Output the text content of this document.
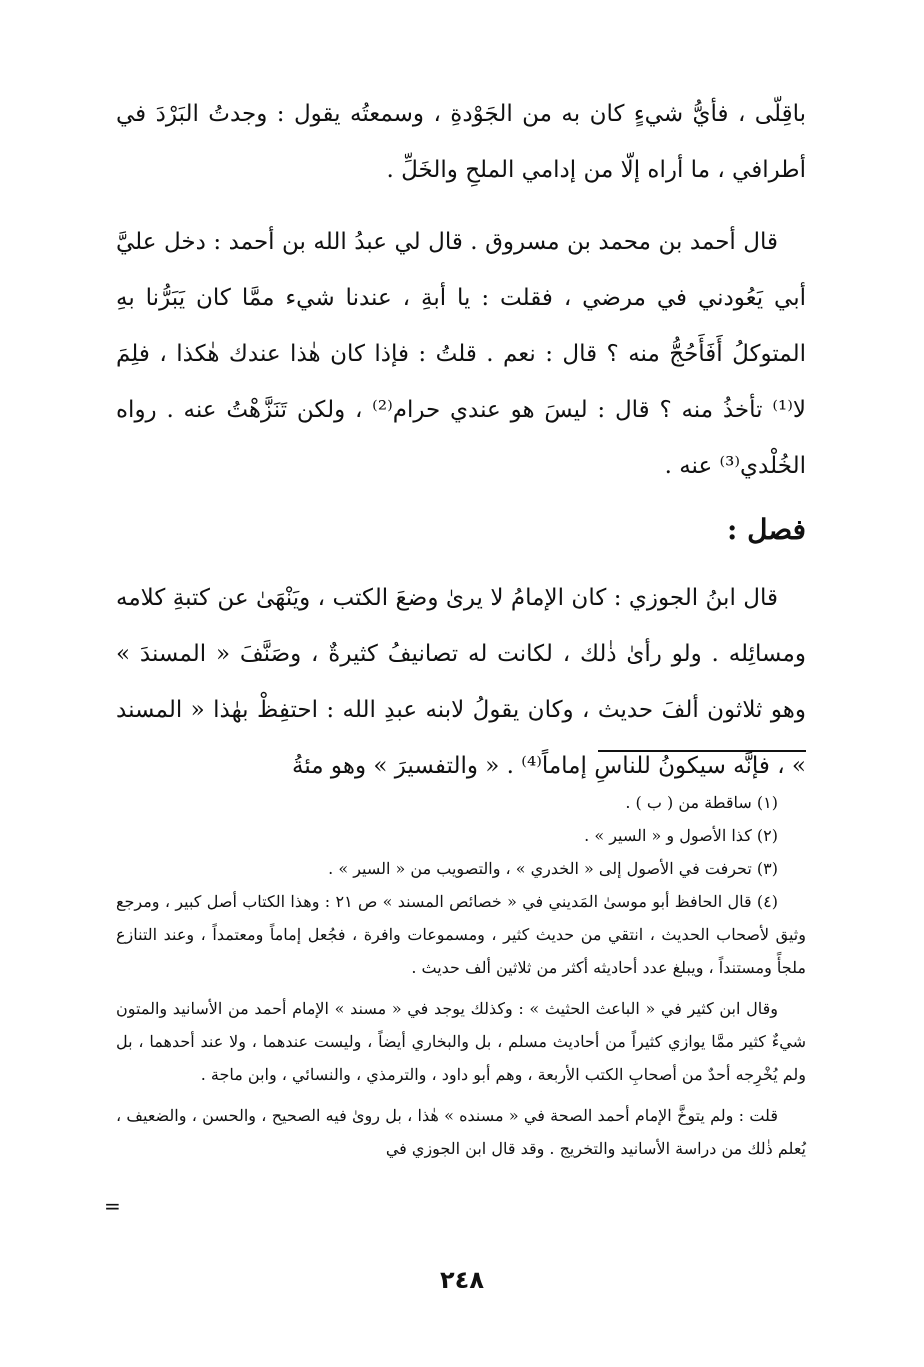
باقِلّى ، فأيُّ شيءٍ كان به من الجَوْدةِ ، وسمعتُه يقول : وجدتُ البَرْدَ في أطرافي ، ما أراه إلّا من إدامي الملحِ والخَلِّ .

قال أحمد بن محمد بن مسروق . قال لي عبدُ الله بن أحمد : دخل عليَّ أبي يَعُودني في مرضي ، فقلت : يا أبةِ ، عندنا شيء ممَّا كان يَبَرُّنا بهِ المتوكلُ أَفَأَحُجُّ منه ؟ قال : نعم . قلتُ : فإذا كان هٰذا عندك هٰكذا ، فلِمَ لا⁽¹⁾ تأخذُ منه ؟ قال : ليسَ هو عندي حرام⁽²⁾ ، ولكن تَنَزَّهْتُ عنه . رواه الخُلْدي⁽³⁾ عنه .

فصل :

قال ابنُ الجوزي : كان الإمامُ لا يرىٰ وضعَ الكتب ، ويَنْهَىٰ عن كتبةِ كلامه ومسائِله . ولو رأىٰ ذٰلك ، لكانت له تصانيفُ كثيرةٌ ، وصَنَّفَ « المسندَ » وهو ثلاثون ألفَ حديث ، وكان يقولُ لابنه عبدِ الله : احتفِظْ بهٰذا « المسند » ، فإنَّه سيكونُ للناسِ إماماً⁽⁴⁾ . « والتفسيرَ » وهو مئةُ

(١) ساقطة من ( ب ) .

(٢) كذا الأصول و « السير » .

(٣) تحرفت في الأصول إلى « الخدري » ، والتصويب من « السير » .

(٤) قال الحافظ أبو موسىٰ المَديني في « خصائص المسند » ص ٢١ : وهذا الكتاب أصل كبير ، ومرجع وثيق لأصحاب الحديث ، انتقي من حديث كثير ، ومسموعات وافرة ، فجُعل إماماً ومعتمداً ، وعند التنازع ملجأً ومستنداً ، ويبلغ عدد أحاديثه أكثر من ثلاثين ألف حديث .

وقال ابن كثير في « الباعث الحثيث » : وكذلك يوجد في « مسند » الإمام أحمد من الأسانيد والمتون شيءٌ كثير ممَّا يوازي كثيراً من أحاديث مسلم ، بل والبخاري أيضاً ، وليست عندهما ، ولا عند أحدهما ، بل ولم يُخْرِجه أحدٌ من أصحابِ الكتب الأربعة ، وهم أبو داود ، والترمذي ، والنسائي ، وابن ماجة .

قلت : ولم يتوخَّ الإمام أحمد الصحة في « مسنده » هٰذا ، بل روىٰ فيه الصحيح ، والحسن ، والضعيف ، يُعلم ذٰلك من دراسة الأسانيد والتخريج . وقد قال ابن الجوزي في

=
٢٤٨
